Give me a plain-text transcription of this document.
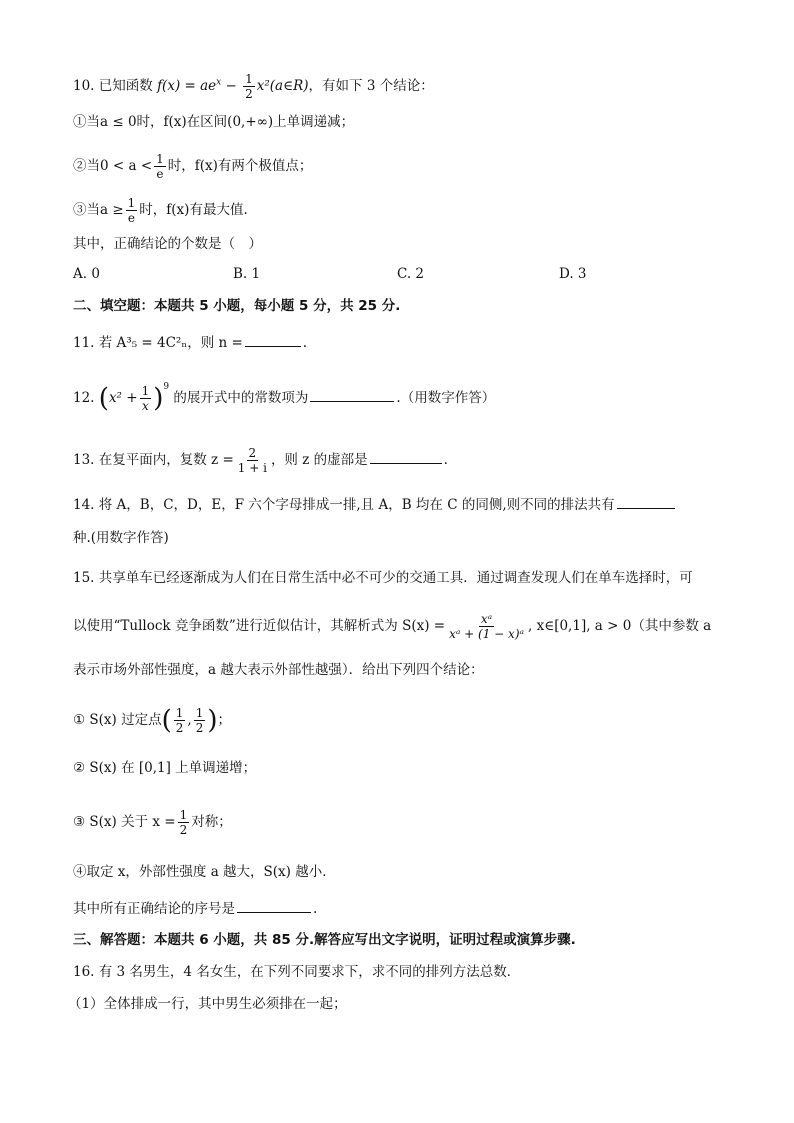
10. 已知函数 $f(x) = ae^x - \frac{1}{2}$ x²(a∈R)，有如下 3 个结论：
①当a ≤ 0时，f(x)在区间(0,+∞)上单调递减；
②当$0 < a < \frac{1}{e}$ 时，f(x)有两个极值点；
③当$a \ge \frac{1}{e}$ 时，f(x)有最大值.
其中，正确结论的个数是（　）
A. 0	B. 1	C. 2	D. 3
二、填空题：本题共 5 小题，每小题 5 分，共 25 分.
11. 若 A³₅ = 4C²ₙ，则 n =	.
12. $(x^2 + \frac{1}{x} )^9$ 的展开式中的常数项为	.（用数字作答）
13. 在复平面内，复数 $z = \frac{2}{1 + i}$ ，则 z 的虚部是	.
14. 将 A，B，C，D，E，F 六个字母排成一排,且 A，B 均在 C 的同侧,则不同的排法共有
种.(用数字作答)
15. 共享单车已经逐渐成为人们在日常生活中必不可少的交通工具．通过调查发现人们在单车选择时，可
以使用“Tullock 竞争函数”进行近似估计，其解析式为 $S(x) = \frac{\text{xᵃ}}{\text{xᵃ + (1 − x)ᵃ}}$ , x∈[0,1], a > 0（其中参数 a
表示市场外部性强度，a 越大表示外部性越强）．给出下列四个结论：
① S(x) 过定点( $\frac{1}{2}$ , $\frac{1}{2}$ )；
② S(x) 在 [0,1] 上单调递增；
③ S(x) 关于 $x = \frac{1}{2}$ 对称；
④取定 x，外部性强度 a 越大，S(x) 越小．
其中所有正确结论的序号是	.
三、解答题：本题共 6 小题，共 85 分.解答应写出文字说明，证明过程或演算步骤.
16. 有 3 名男生，4 名女生，在下列不同要求下，求不同的排列方法总数．
（1）全体排成一行，其中男生必须排在一起；
